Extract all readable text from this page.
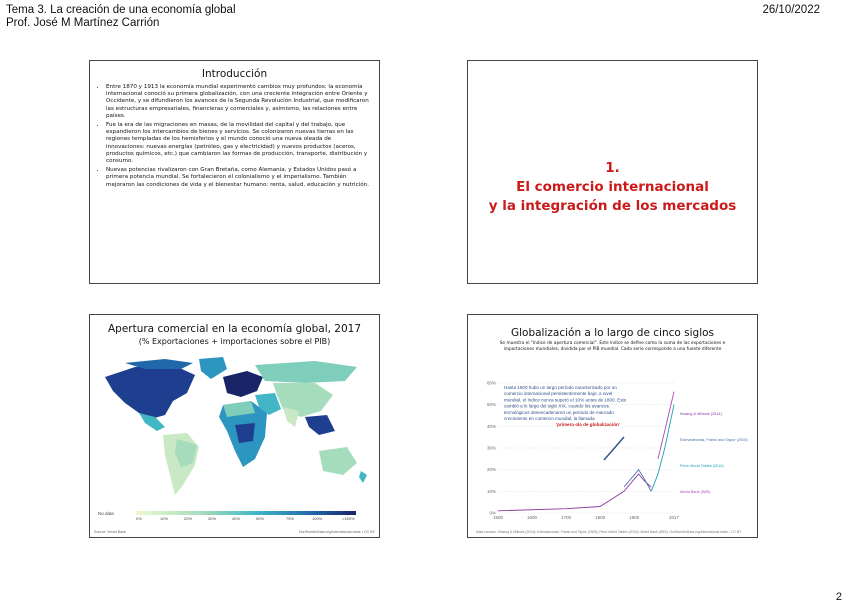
Tema 3. La creación de una economía global
Prof. José M Martínez Carrión
26/10/2022
Introducción
• Entre 1870 y 1913 la economía mundial experimentó cambios muy profundos: la economía internacional conoció su primera globalización, con una creciente integración entre Oriente y Occidente, y se difundieron los avances de la Segunda Revolución Industrial, que modificaron las estructuras empresariales, financieras y comerciales y, asimismo, las relaciones entre países.
• Fue la era de las migraciones en masas, de la movilidad del capital y del trabajo, que expandieron los intercambios de bienes y servicios. Se colonizaron nuevas tierras en las regiones templadas de los hemisferios y el mundo conoció una nueva oleada de innovaciones: nuevas energías (petróleo, gas y electricidad) y nuevos productos (aceros, productos químicos, etc.) que cambiaron las formas de producción, transporte, distribución y consumo.
• Nuevas potencias rivalizaron con Gran Bretaña, como Alemania, y Estados Unidos pasó a primera potencia mundial. Se fortalecieron el colonialismo y el imperialismo. También mejoraron las condiciones de vida y el bienestar humano: renta, salud, educación y nutrición.
1.
El comercio internacional
y la integración de los mercados
Apertura comercial en la economía global, 2017
(% Exportaciones + importaciones sobre el PIB)
No data
0%	10%	20%	30%	40%	50%	75%	100%	>150%
Source: World Bank	OurWorldInData.org/international-trade • CC BY
Globalización a lo largo de cinco siglos
Se muestra el "índice de apertura comercial". Este índice se define como la suma de las exportaciones e importaciones mundiales, dividida por el PIB mundial. Cada serie corresponde a una fuente diferente
0%
10%
20%
30%
40%
50%
60%
1500	1600	1700	1800	1900	2017
Klasing & Milionis (2014)
Estevadeordal, Frantz and Taylor (2003)
Penn World Tables (2016)
World Bank (WDI)
Hasta 1800 hubo un largo período caracterizado por un
comercio internacional persistentemente bajo; a nivel
mundial, el índice nunca superó el 10% antes de 1800. Esto
cambió a lo largo del siglo XIX, cuando los avances
tecnológicos desencadenaron un período de marcado
crecimiento en comercio mundial, la llamada
'primera ola de globalización'
Data sources: Klasing & Milionis (2014); Estevadeordal, Frantz and Taylor (2003); Penn World Tables (2016); World Bank (WDI); OurWorldInData.org/international-trade • CC BY
2
